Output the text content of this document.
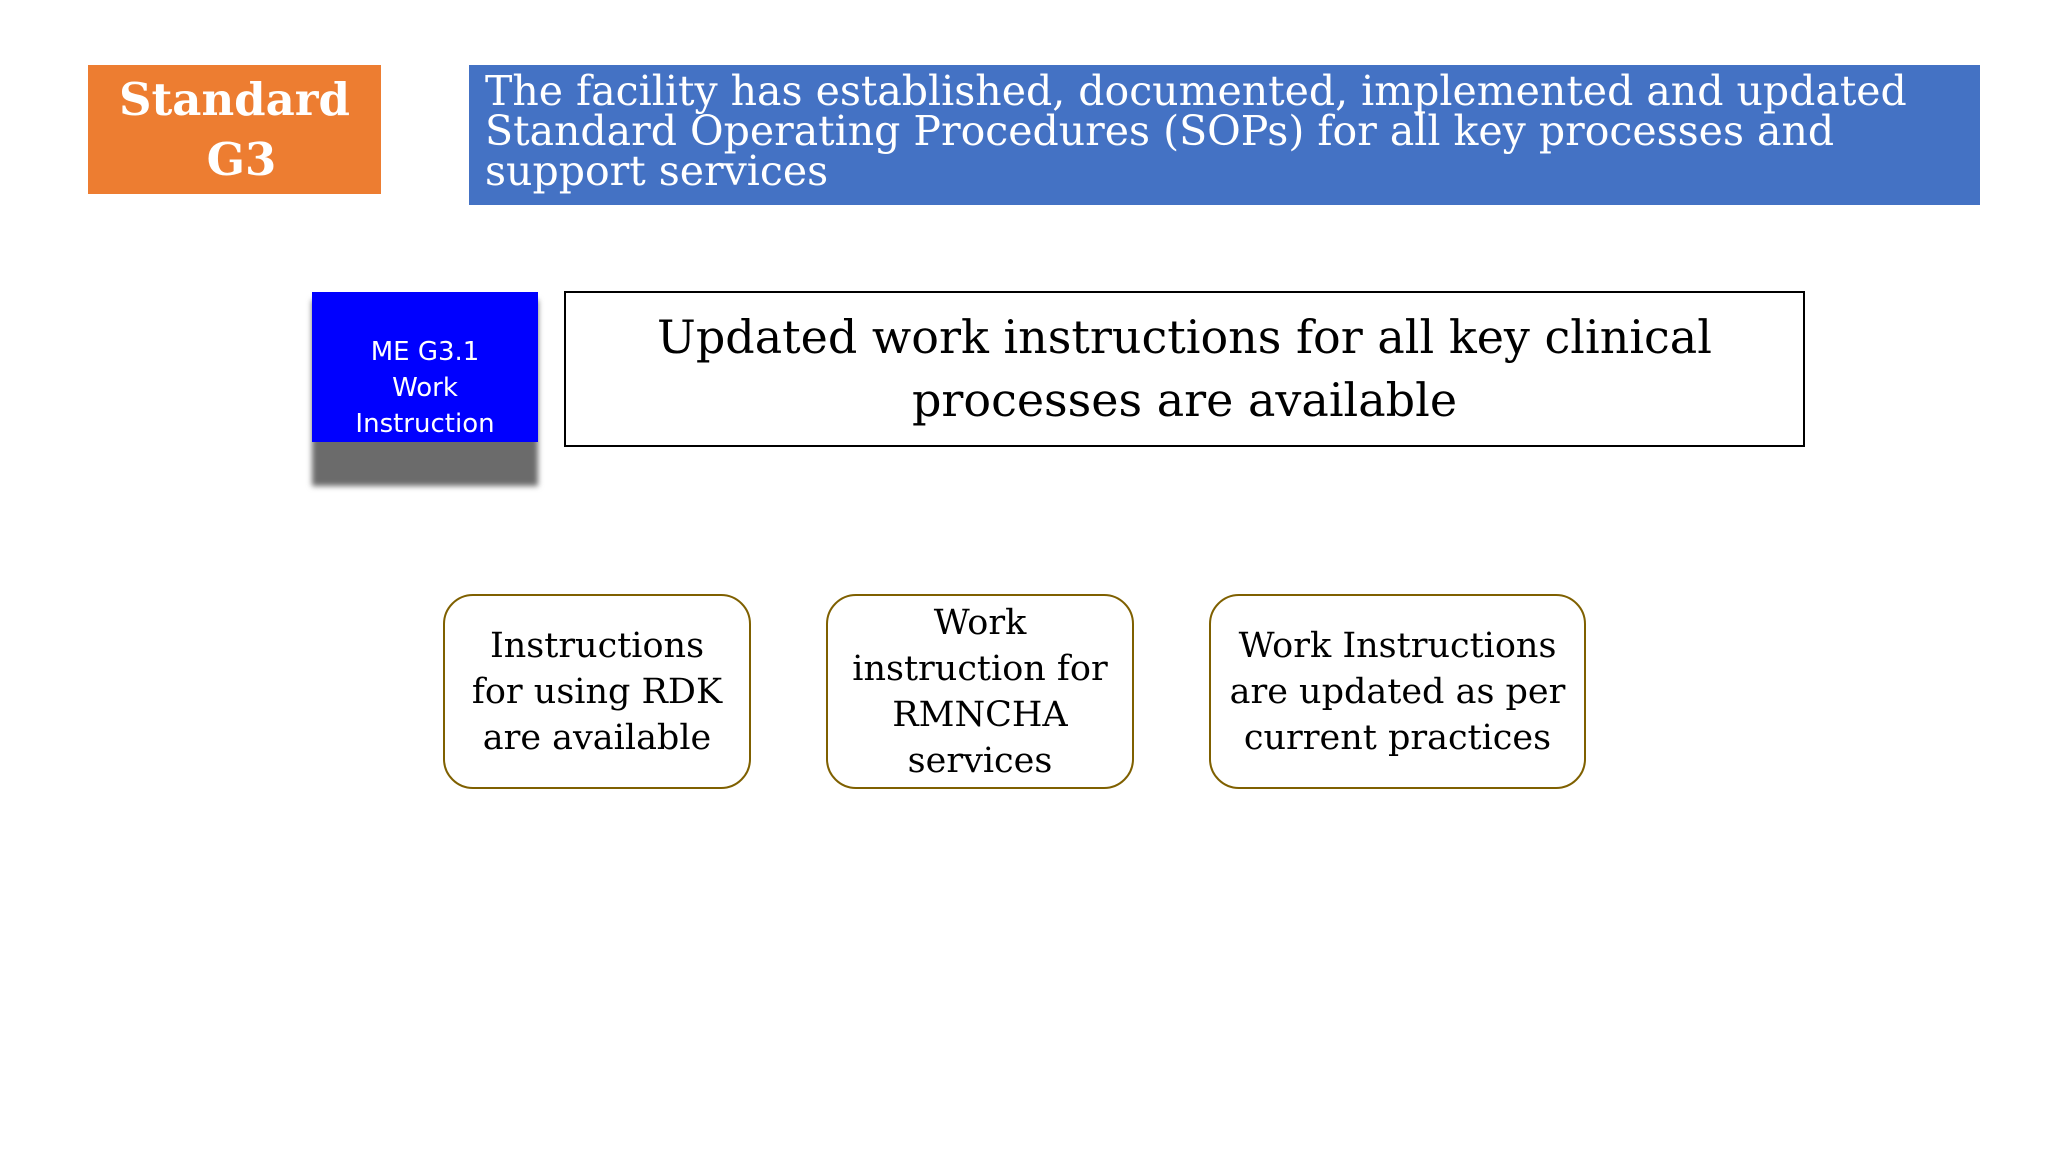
Standard
G3
The facility has established, documented, implemented and updated Standard Operating Procedures (SOPs) for all key processes and support services
ME G3.1
Work
Instruction
Updated work instructions for all key clinical processes are available
Instructions for using RDK are available
Work instruction for RMNCHA services
Work Instructions are updated as per current practices
